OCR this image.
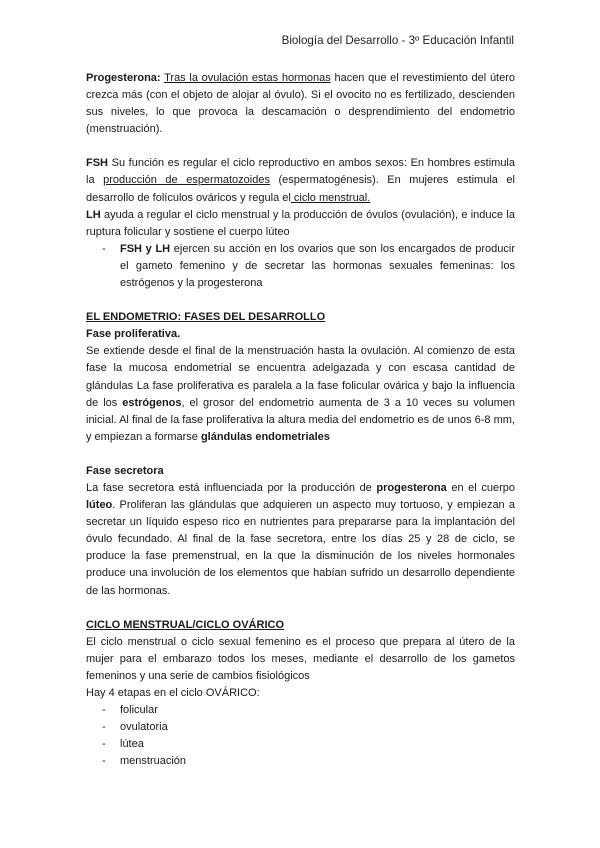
Biología del Desarrollo - 3º Educación Infantil

Progesterona: Tras la ovulación estas hormonas hacen que el revestimiento del útero crezca más (con el objeto de alojar al óvulo). Si el ovocito no es fertilizado, descienden sus niveles, lo que provoca la descamación o desprendimiento del endometrio (menstruación).

FSH Su función es regular el ciclo reproductivo en ambos sexos: En hombres estimula la producción de espermatozoides (espermatogénesis). En mujeres estimula el desarrollo de folículos ováricos y regula el ciclo menstrual.

LH ayuda a regular el ciclo menstrual y la producción de óvulos (ovulación), e induce la ruptura folicular y sostiene el cuerpo lúteo

- FSH y LH ejercen su acción en los ovarios que son los encargados de producir el gameto femenino y de secretar las hormonas sexuales femeninas: los estrógenos y la progesterona
EL ENDOMETRIO: FASES DEL DESARROLLO
Fase proliferativa.

Se extiende desde el final de la menstruación hasta la ovulación. Al comienzo de esta fase la mucosa endometrial se encuentra adelgazada y con escasa cantidad de glándulas La fase proliferativa es paralela a la fase folicular ovárica y bajo la influencia de los estrógenos, el grosor del endometrio aumenta de 3 a 10 veces su volumen inicial. Al final de la fase proliferativa la altura media del endometrio es de unos 6-8 mm, y empiezan a formarse glándulas endometriales

Fase secretora

La fase secretora está influenciada por la producción de progesterona en el cuerpo lúteo. Proliferan las glándulas que adquieren un aspecto muy tortuoso, y empiezan a secretar un líquido espeso rico en nutrientes para prepararse para la implantación del óvulo fecundado. Al final de la fase secretora, entre los días 25 y 28 de ciclo, se produce la fase premenstrual, en la que la disminución de los niveles hormonales produce una involución de los elementos que habían sufrido un desarrollo dependiente de las hormonas.

CICLO MENSTRUAL/CICLO OVÁRICO

El ciclo menstrual o ciclo sexual femenino es el proceso que prepara al útero de la mujer para el embarazo todos los meses, mediante el desarrollo de los gametos femeninos y una serie de cambios fisiológicos

Hay 4 etapas en el ciclo OVÁRICO:

- folicular
- ovulatoria
- lútea
- menstruación
